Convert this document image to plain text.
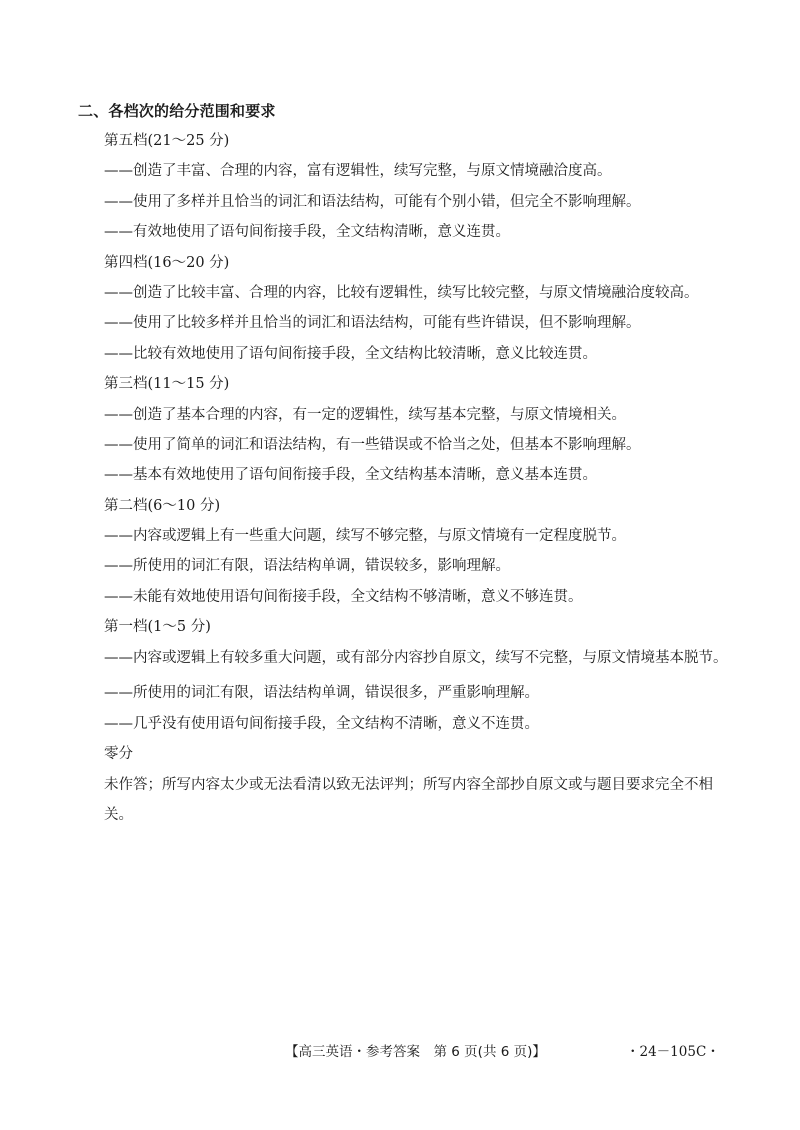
二、各档次的给分范围和要求
第五档(21～25 分)
——创造了丰富、合理的内容，富有逻辑性，续写完整，与原文情境融洽度高。
——使用了多样并且恰当的词汇和语法结构，可能有个别小错，但完全不影响理解。
——有效地使用了语句间衔接手段，全文结构清晰，意义连贯。
第四档(16～20 分)
——创造了比较丰富、合理的内容，比较有逻辑性，续写比较完整，与原文情境融洽度较高。
——使用了比较多样并且恰当的词汇和语法结构，可能有些许错误，但不影响理解。
——比较有效地使用了语句间衔接手段，全文结构比较清晰，意义比较连贯。
第三档(11～15 分)
——创造了基本合理的内容，有一定的逻辑性，续写基本完整，与原文情境相关。
——使用了简单的词汇和语法结构，有一些错误或不恰当之处，但基本不影响理解。
——基本有效地使用了语句间衔接手段，全文结构基本清晰，意义基本连贯。
第二档(6～10 分)
——内容或逻辑上有一些重大问题，续写不够完整，与原文情境有一定程度脱节。
——所使用的词汇有限，语法结构单调，错误较多，影响理解。
——未能有效地使用语句间衔接手段，全文结构不够清晰，意义不够连贯。
第一档(1～5 分)
——内容或逻辑上有较多重大问题，或有部分内容抄自原文，续写不完整，与原文情境基本脱节。
——所使用的词汇有限，语法结构单调，错误很多，严重影响理解。
——几乎没有使用语句间衔接手段，全文结构不清晰，意义不连贯。
零分
未作答；所写内容太少或无法看清以致无法评判；所写内容全部抄自原文或与题目要求完全不相关。
【高三英语・参考答案　第 6 页(共 6 页)】	・24－105C・
